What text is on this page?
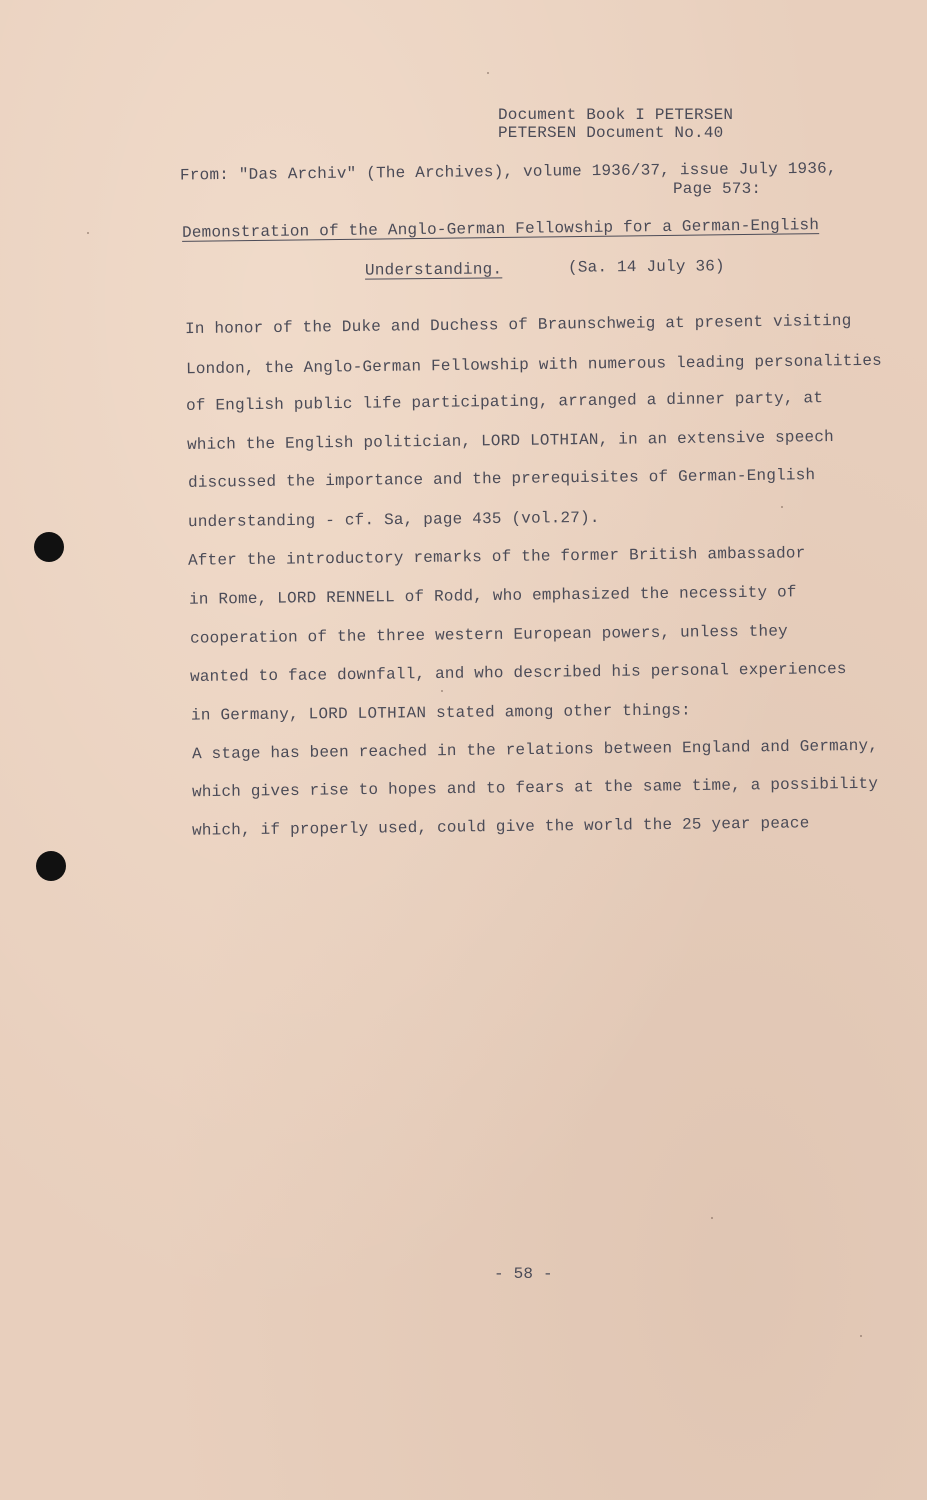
Document Book I PETERSEN
PETERSEN Document No.40
From: "Das Archiv" (The Archives), volume 1936/37, issue July 1936,
Page 573:
Demonstration of the Anglo-German Fellowship for a German-English
Understanding.	(Sa. 14 July 36)
In honor of the Duke and Duchess of Braunschweig at present visiting
London, the Anglo-German Fellowship with numerous leading personalities
of English public life participating, arranged a dinner party, at
which the English politician, LORD LOTHIAN, in an extensive speech
discussed the importance and the prerequisites of German-English
understanding - cf. Sa, page 435 (vol.27).
After the introductory remarks of the former British ambassador
in Rome, LORD RENNELL of Rodd, who emphasized the necessity of
cooperation of the three western European powers, unless they
wanted to face downfall, and who described his personal experiences
in Germany, LORD LOTHIAN stated among other things:
A stage has been reached in the relations between England and Germany,
which gives rise to hopes and to fears at the same time, a possibility
which, if properly used, could give the world the 25 year peace
- 58 -
